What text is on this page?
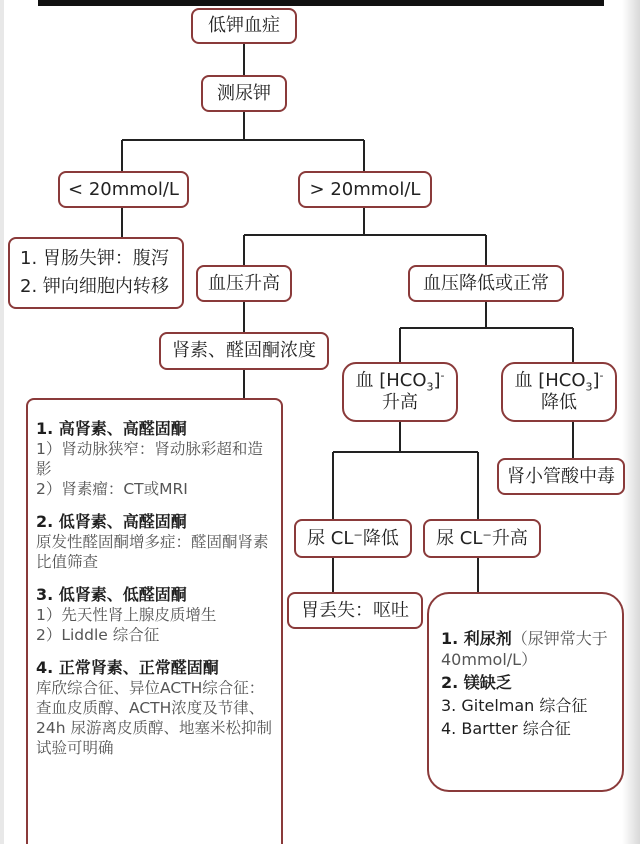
低钾血症
测尿钾
< 20mmol/L	> 20mmol/L
1. 胃肠失钾：腹泻
2. 钾向细胞内转移 血压升高	血压降低或正常
肾素、醛固酮浓度
血 $[HCO_3]^-$
升高
血 $[HCO_3]^-$
降低
肾小管酸中毒
尿 CL⁻降低 尿 CL⁻升高
胃丢失：呕吐
1. 高肾素、高醛固酮
1）肾动脉狭窄：肾动脉彩超和造影
2）肾素瘤：CT或MRI
2. 低肾素、高醛固酮
原发性醛固酮增多症：醛固酮肾素比值筛查
3. 低肾素、低醛固酮
1）先天性肾上腺皮质增生
2）Liddle 综合征
4. 正常肾素、正常醛固酮
库欣综合征、异位ACTH综合征：查血皮质醇、ACTH浓度及节律、24h 尿游离皮质醇、地塞米松抑制试验可明确
1. 利尿剂（尿钾常大于40mmol/L）
2. 镁缺乏
3. Gitelman 综合征
4. Bartter 综合征
